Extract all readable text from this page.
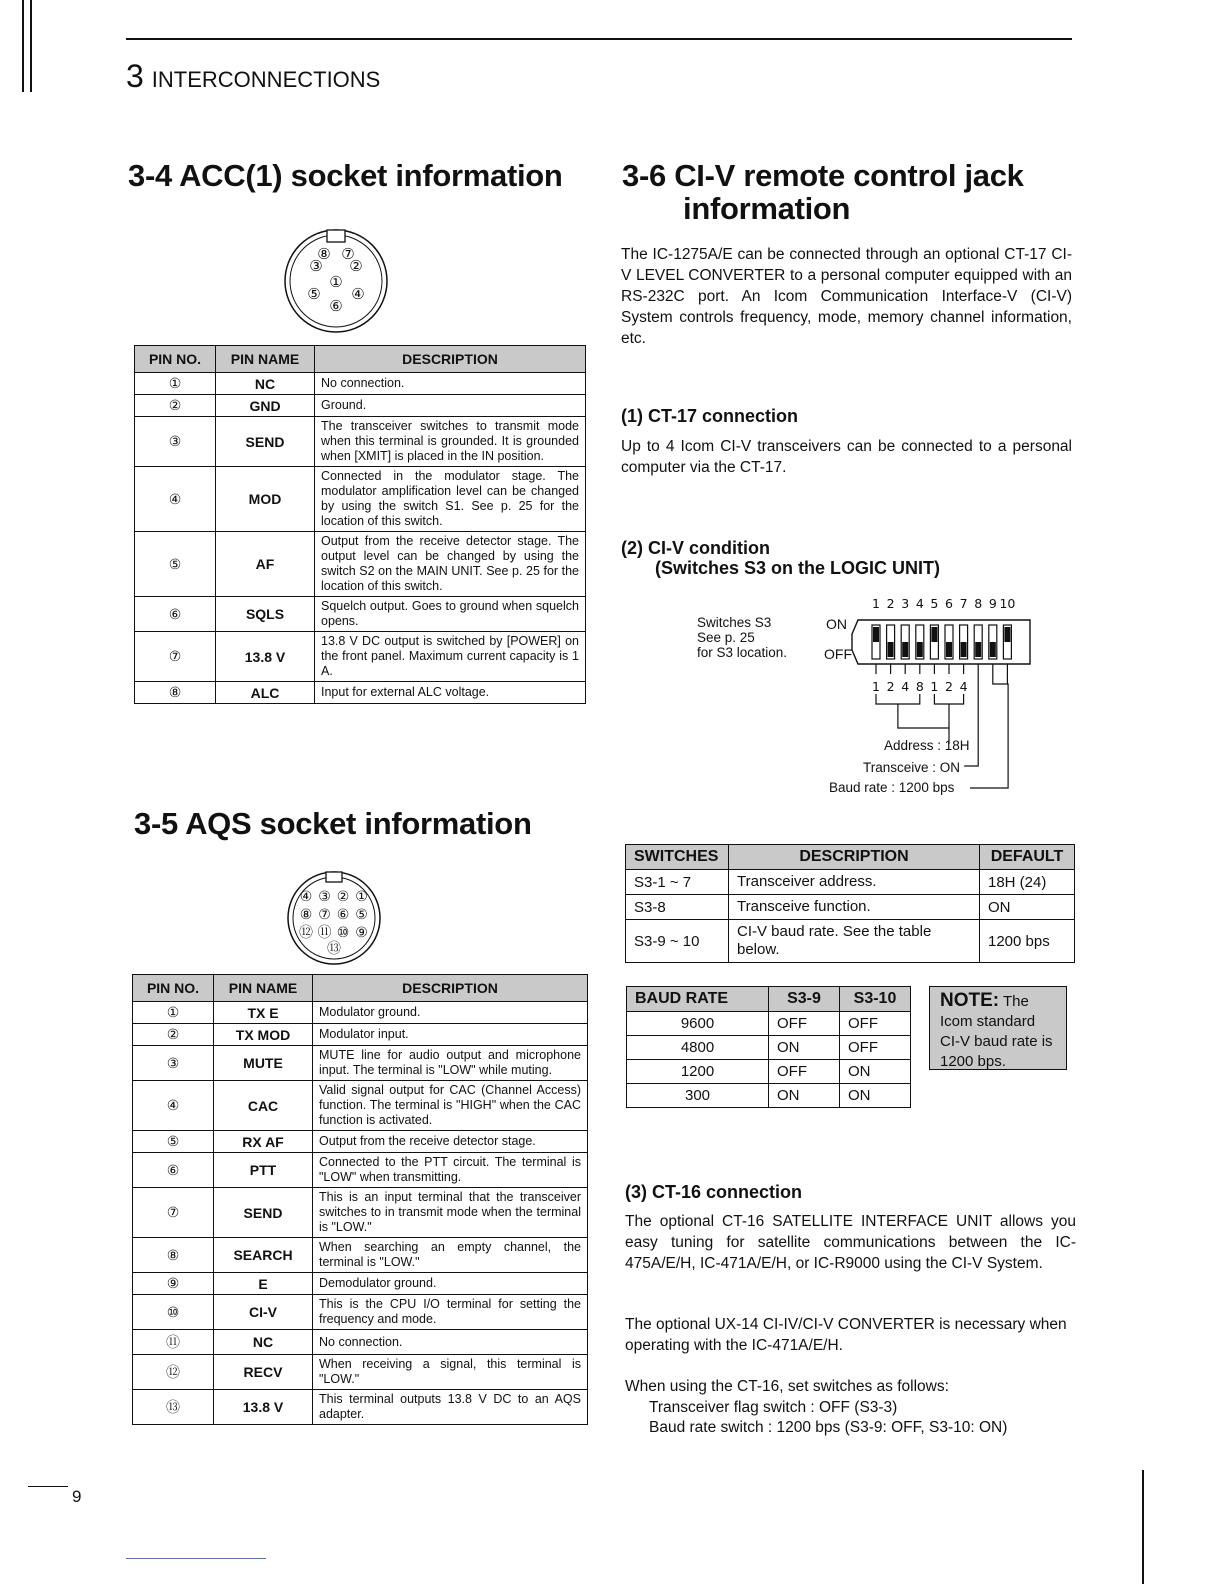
3 INTERCONNECTIONS
3-4 ACC(1) socket information
①
②
③
④
⑤
⑥
⑦
⑧
PIN NO.	PIN NAME	DESCRIPTION
①	NC	No connection.
②	GND	Ground.
③	SEND	The transceiver switches to transmit mode when this terminal is grounded. It is grounded when [XMIT] is placed in the IN position.
④	MOD	Connected in the modulator stage. The modulator amplification level can be changed by using the switch S1. See p. 25 for the location of this switch.
⑤	AF	Output from the receive detector stage. The output level can be changed by using the switch S2 on the MAIN UNIT. See p. 25 for the location of this switch.
⑥	SQLS	Squelch output. Goes to ground when squelch opens.
⑦	13.8 V	13.8 V DC output is switched by [POWER] on the front panel. Maximum current capacity is 1 A.
⑧	ALC	Input for external ALC voltage.
3-5 AQS socket information
④ ③ ② ①
⑧ ⑦ ⑥ ⑤
⑫ ⑪ ⑩ ⑨
⑬
PIN NO.	PIN NAME	DESCRIPTION
①	TX E	Modulator ground.
②	TX MOD	Modulator input.
③	MUTE	MUTE line for audio output and microphone input. The terminal is "LOW" while muting.
④	CAC	Valid signal output for CAC (Channel Access) function. The terminal is "HIGH" when the CAC function is activated.
⑤	RX AF	Output from the receive detector stage.
⑥	PTT	Connected to the PTT circuit. The terminal is "LOW" when transmitting.
⑦	SEND	This is an input terminal that the transceiver switches to in transmit mode when the terminal is "LOW."
⑧	SEARCH	When searching an empty channel, the terminal is "LOW."
⑨	E	Demodulator ground.
⑩	CI-V	This is the CPU I/O terminal for setting the frequency and mode.
⑪	NC	No connection.
⑫	RECV	When receiving a signal, this terminal is "LOW."
⑬	13.8 V	This terminal outputs 13.8 V DC to an AQS adapter.
3-6 CI-V remote control jack
information
The IC-1275A/E can be connected through an optional CT-17 CI-V LEVEL CONVERTER to a personal computer equipped with an RS-232C port. An Icom Communication Interface-V (CI-V) System controls frequency, mode, memory channel information, etc.
(1) CT-17 connection
Up to 4 Icom CI-V transceivers can be connected to a personal computer via the CT-17.
(2) CI-V condition
(Switches S3 on the LOGIC UNIT)
Switches S3
See p. 25
for S3 location.
ON
OFF
1 2 3 4 5 6 7 8 9 10
1 2 4 8 1 2 4
Address : 18H
Transceive : ON
Baud rate : 1200 bps
SWITCHES	DESCRIPTION	DEFAULT
S3-1 ~ 7	Transceiver address.	18H (24)
S3-8	Transceive function.	ON
S3-9 ~ 10	CI-V baud rate. See the table below.	1200 bps
BAUD RATE	S3-9	S3-10
9600	OFF	OFF
4800	ON	OFF
1200	OFF	ON
300	ON	ON
NOTE: The Icom standard CI-V baud rate is 1200 bps.
(3) CT-16 connection
The optional CT-16 SATELLITE INTERFACE UNIT allows you easy tuning for satellite communications between the IC-475A/E/H, IC-471A/E/H, or IC-R9000 using the CI-V System.
The optional UX-14 CI-IV/CI-V CONVERTER is necessary when operating with the IC-471A/E/H.
When using the CT-16, set switches as follows:
Transceiver flag switch : OFF (S3-3)
Baud rate switch : 1200 bps (S3-9: OFF, S3-10: ON)
9
